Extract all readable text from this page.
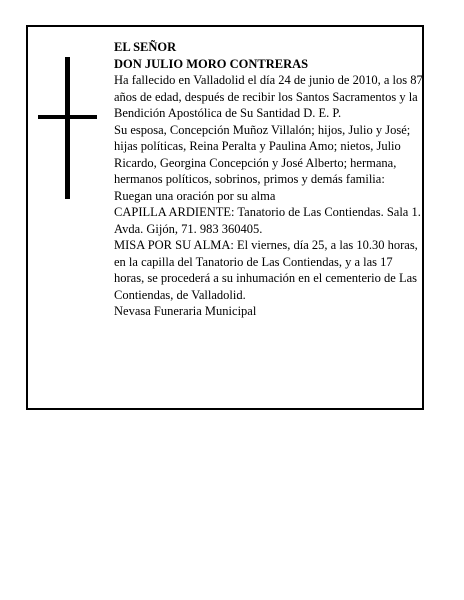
EL SEÑOR

DON JULIO MORO CONTRERAS

Ha fallecido en Valladolid el día 24 de junio de 2010, a los 87 años de edad, después de recibir los Santos Sacramentos y la Bendición Apostólica de Su Santidad D. E. P.

Su esposa, Concepción Muñoz Villalón; hijos, Julio y José; hijas políticas, Reina Peralta y Paulina Amo; nietos, Julio Ricardo, Georgina Concepción y José Alberto; hermana, hermanos políticos, sobrinos, primos y demás familia:

Ruegan una oración por su alma

CAPILLA ARDIENTE: Tanatorio de Las Contiendas. Sala 1. Avda. Gijón, 71. 983 360405.

MISA POR SU ALMA: El viernes, día 25, a las 10.30 horas, en la capilla del Tanatorio de Las Contiendas, y a las 17 horas, se procederá a su inhumación en el cementerio de Las Contiendas, de Valladolid.

Nevasa Funeraria Municipal
